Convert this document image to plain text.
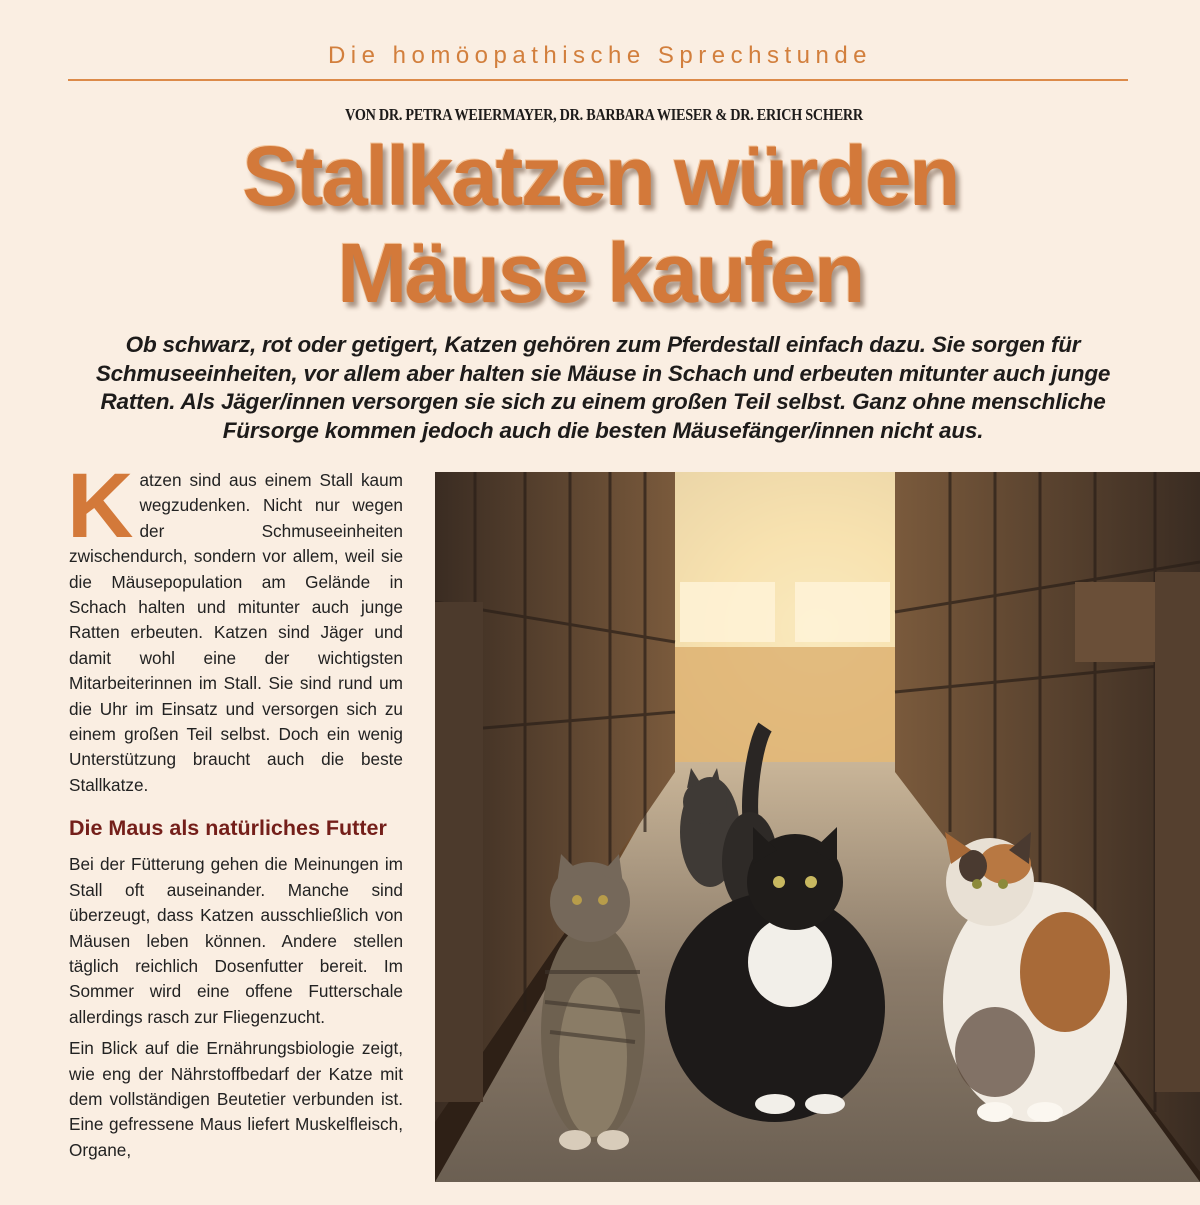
Die homöopathische Sprechstunde
VON DR. PETRA WEIERMAYER, DR. BARBARA WIESER & DR. ERICH SCHERR
Stallkatzen würden
Mäuse kaufen
Ob schwarz, rot oder getigert, Katzen gehören zum Pferdestall einfach dazu. Sie sorgen für Schmuseeinheiten, vor allem aber halten sie Mäuse in Schach und erbeuten mitunter auch junge Ratten. Als Jäger/innen versorgen sie sich zu einem großen Teil selbst. Ganz ohne menschliche Fürsorge kommen jedoch auch die besten Mäusefänger/innen nicht aus.

Katzen sind aus einem Stall kaum wegzudenken. Nicht nur wegen der Schmuseeinheiten zwischendurch, sondern vor allem, weil sie die Mäusepopulation am Gelände in Schach halten und mitunter auch junge Ratten erbeuten. Katzen sind Jäger und damit wohl eine der wichtigsten Mitarbeiterinnen im Stall. Sie sind rund um die Uhr im Einsatz und versorgen sich zu einem großen Teil selbst. Doch ein wenig Unterstützung braucht auch die beste Stallkatze.

Die Maus als natürliches Futter

Bei der Fütterung gehen die Meinungen im Stall oft auseinander. Manche sind überzeugt, dass Katzen ausschließlich von Mäusen leben können. Andere stellen täglich reichlich Dosenfutter bereit. Im Sommer wird eine offene Futterschale allerdings rasch zur Fliegenzucht.

Ein Blick auf die Ernährungsbiologie zeigt, wie eng der Nährstoffbedarf der Katze mit dem vollständigen Beutetier verbunden ist. Eine gefressene Maus liefert Muskelfleisch, Organe,
